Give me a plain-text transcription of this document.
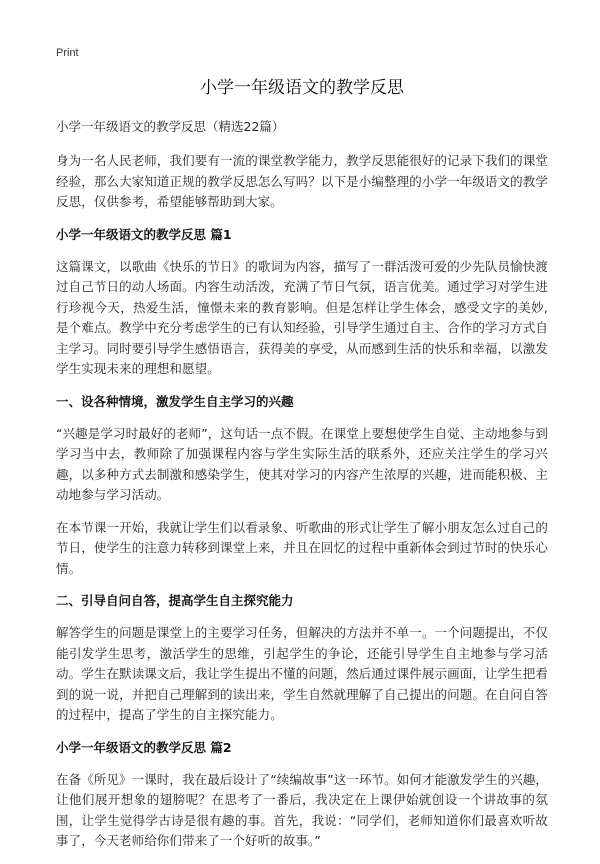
Print
小学一年级语文的教学反思
小学一年级语文的教学反思（精选22篇）

身为一名人民老师，我们要有一流的课堂教学能力，教学反思能很好的记录下我们的课堂经验，那么大家知道正规的教学反思怎么写吗？以下是小编整理的小学一年级语文的教学反思，仅供参考，希望能够帮助到大家。

小学一年级语文的教学反思 篇1

这篇课文，以歌曲《快乐的节日》的歌词为内容，描写了一群活泼可爱的少先队员愉快渡过自己节日的动人场面。内容生动活泼，充满了节日气氛，语言优美。通过学习对学生进行珍视今天，热爱生活，憧憬未来的教育影响。但是怎样让学生体会，感受文字的美妙,是个难点。教学中充分考虑学生的已有认知经验，引导学生通过自主、合作的学习方式自主学习。同时要引导学生感悟语言，获得美的享受，从而感到生活的快乐和幸福，以激发学生实现未来的理想和愿望。

一、设各种情境，激发学生自主学习的兴趣

“兴趣是学习时最好的老师”，这句话一点不假。在课堂上要想使学生自觉、主动地参与到学习当中去，教师除了加强课程内容与学生实际生活的联系外，还应关注学生的学习兴趣，以多种方式去制激和感染学生，使其对学习的内容产生浓厚的兴趣，进而能积极、主动地参与学习活动。

在本节课一开始，我就让学生们以看录象、听歌曲的形式让学生了解小朋友怎么过自己的节日，使学生的注意力转移到课堂上来，并且在回忆的过程中重新体会到过节时的快乐心情。

二、引导自问自答，提高学生自主探究能力

解答学生的问题是课堂上的主要学习任务，但解决的方法并不单一。一个问题提出，不仅能引发学生思考，激活学生的思维，引起学生的争论，还能引导学生自主地参与学习活动。学生在默读课文后，我让学生提出不懂的问题，然后通过课件展示画面，让学生把看到的说一说，并把自己理解到的读出来，学生自然就理解了自己提出的问题。在自问自答的过程中，提高了学生的自主探究能力。

小学一年级语文的教学反思 篇2

在备《所见》一课时，我在最后设计了“续编故事”这一环节。如何才能激发学生的兴趣，让他们展开想象的翅膀呢？在思考了一番后，我决定在上课伊始就创设一个讲故事的氛围，让学生觉得学古诗是很有趣的事。首先，我说：“同学们，老师知道你们最喜欢听故事了，今天老师给你们带来了一个好听的故事。”
